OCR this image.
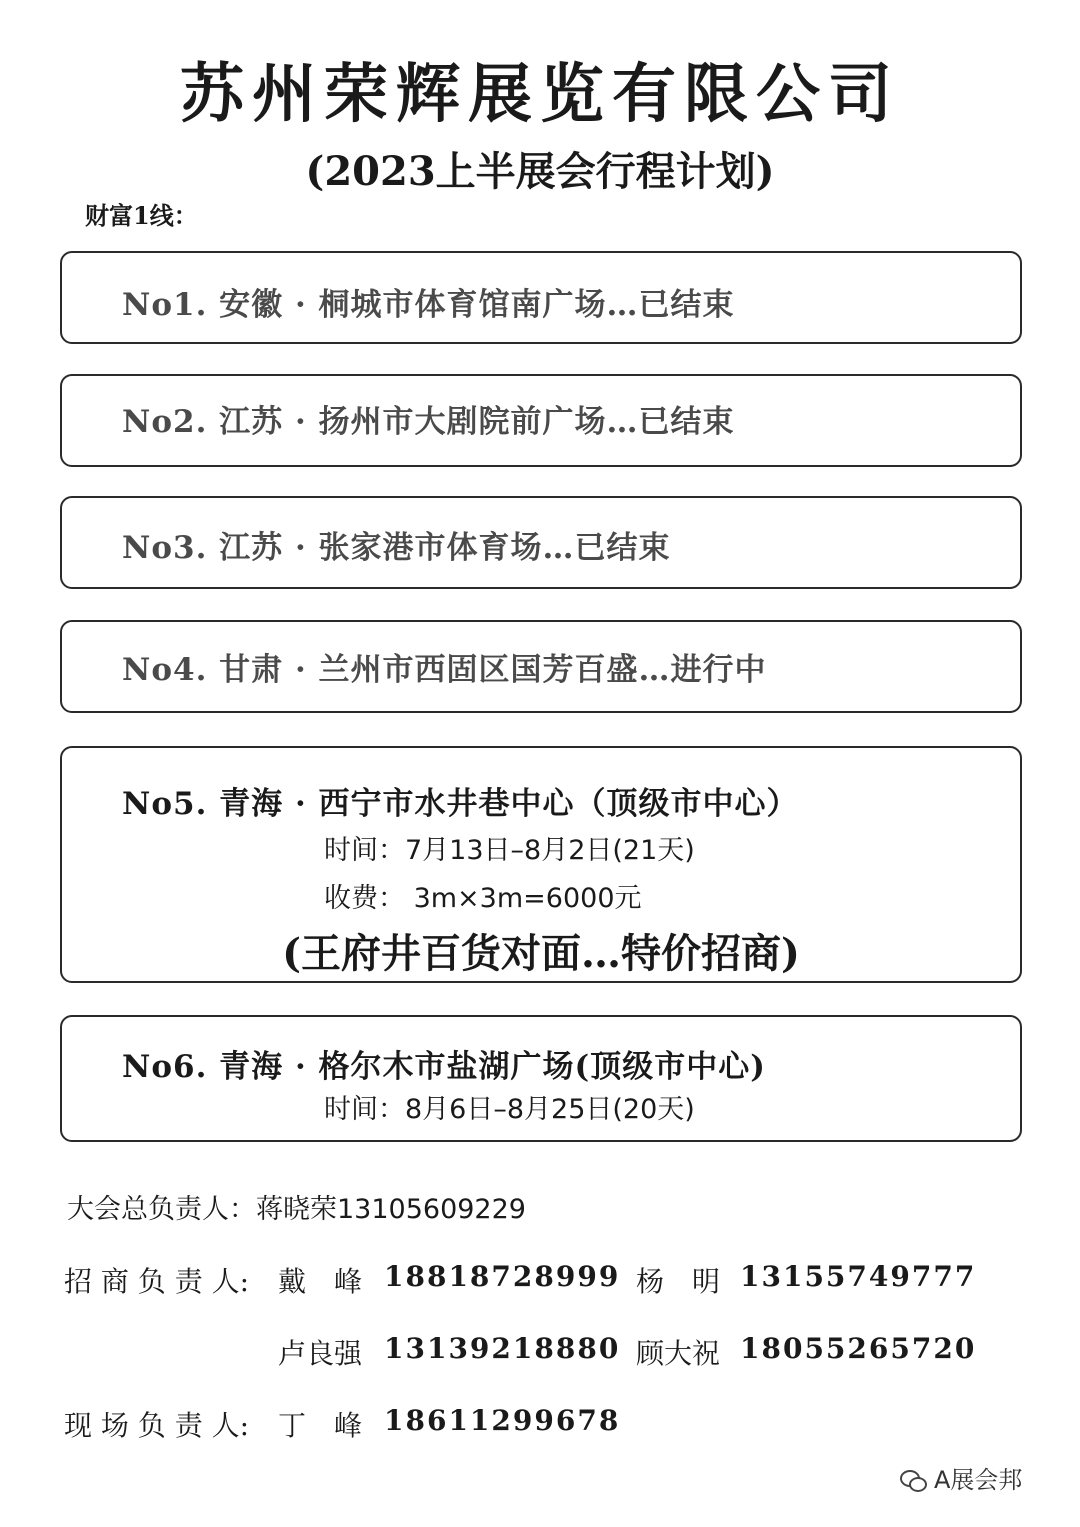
苏州荣辉展览有限公司
(2023上半展会行程计划)
财富1线：
No1. 安徽 · 桐城市体育馆南广场…已结束
No2. 江苏 · 扬州市大剧院前广场…已结束
No3. 江苏 · 张家港市体育场…已结束
No4. 甘肃 · 兰州市西固区国芳百盛…进行中
No5. 青海 · 西宁市水井巷中心（顶级市中心）
时间：7月13日–8月2日(21天)
收费： 3m×3m=6000元
(王府井百货对面…特价招商)
No6. 青海 · 格尔木市盐湖广场(顶级市中心)
时间：8月6日–8月25日(20天)
大会总负责人：蒋晓荣13105609229
招 商 负 责 人: 戴　峰 18818728999 杨　明 13155749777
卢良强 13139218880 顾大祝 18055265720
现 场 负 责 人: 丁　峰 18611299678
A展会邦
